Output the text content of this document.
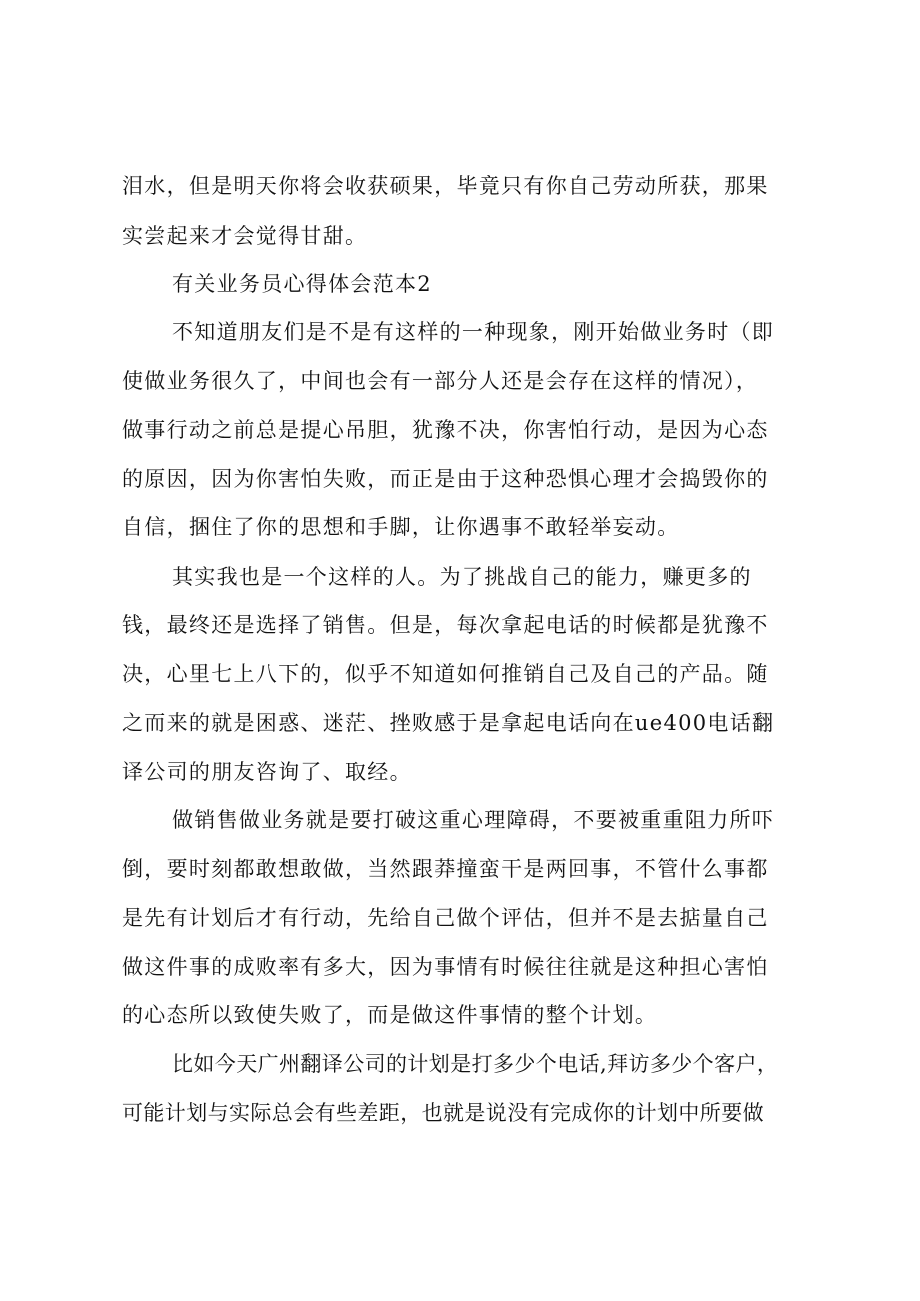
泪水，但是明天你将会收获硕果，毕竟只有你自己劳动所获，那果
实尝起来才会觉得甘甜。
有关业务员心得体会范本2
不知道朋友们是不是有这样的一种现象，刚开始做业务时（即
使做业务很久了，中间也会有一部分人还是会存在这样的情况），
做事行动之前总是提心吊胆，犹豫不决，你害怕行动，是因为心态
的原因，因为你害怕失败，而正是由于这种恐惧心理才会捣毁你的
自信，捆住了你的思想和手脚，让你遇事不敢轻举妄动。
其实我也是一个这样的人。为了挑战自己的能力，赚更多的
钱，最终还是选择了销售。但是，每次拿起电话的时候都是犹豫不
决，心里七上八下的，似乎不知道如何推销自己及自己的产品。随
之而来的就是困惑、迷茫、挫败感于是拿起电话向在ue400电话翻
译公司的朋友咨询了、取经。
做销售做业务就是要打破这重心理障碍，不要被重重阻力所吓
倒，要时刻都敢想敢做，当然跟莽撞蛮干是两回事，不管什么事都
是先有计划后才有行动，先给自己做个评估，但并不是去掂量自己
做这件事的成败率有多大，因为事情有时候往往就是这种担心害怕
的心态所以致使失败了，而是做这件事情的整个计划。
比如今天广州翻译公司的计划是打多少个电话,拜访多少个客户，
可能计划与实际总会有些差距，也就是说没有完成你的计划中所要做
